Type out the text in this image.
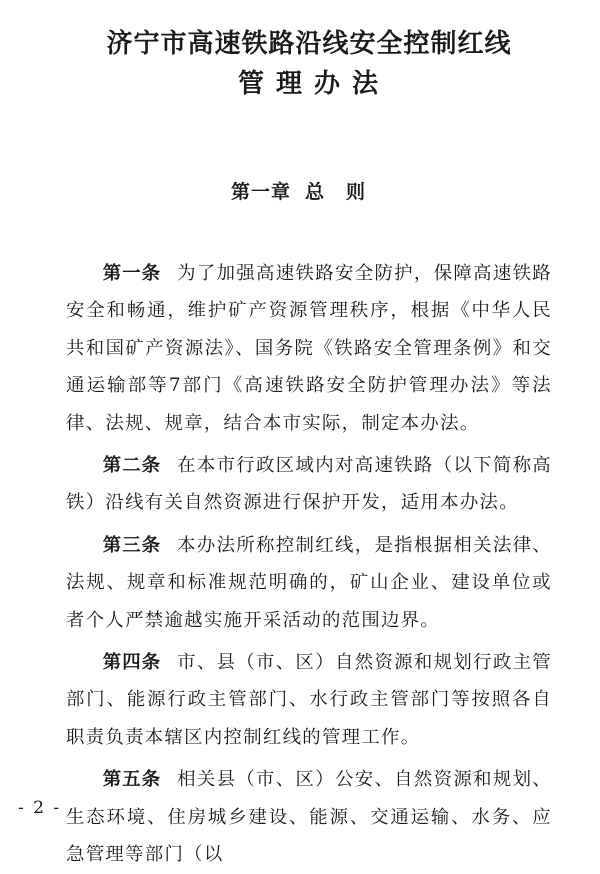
济宁市高速铁路沿线安全控制红线
管理办法
第一章 总则

第一条 为了加强高速铁路安全防护，保障高速铁路安全和畅通，维护矿产资源管理秩序，根据《中华人民共和国矿产资源法》、国务院《铁路安全管理条例》和交通运输部等7部门《高速铁路安全防护管理办法》等法律、法规、规章，结合本市实际，制定本办法。

第二条 在本市行政区域内对高速铁路（以下简称高铁）沿线有关自然资源进行保护开发，适用本办法。

第三条 本办法所称控制红线，是指根据相关法律、法规、规章和标准规范明确的，矿山企业、建设单位或者个人严禁逾越实施开采活动的范围边界。

第四条 市、县（市、区）自然资源和规划行政主管部门、能源行政主管部门、水行政主管部门等按照各自职责负责本辖区内控制红线的管理工作。

第五条 相关县（市、区）公安、自然资源和规划、生态环境、住房城乡建设、能源、交通运输、水务、应急管理等部门（以

- 2 -
